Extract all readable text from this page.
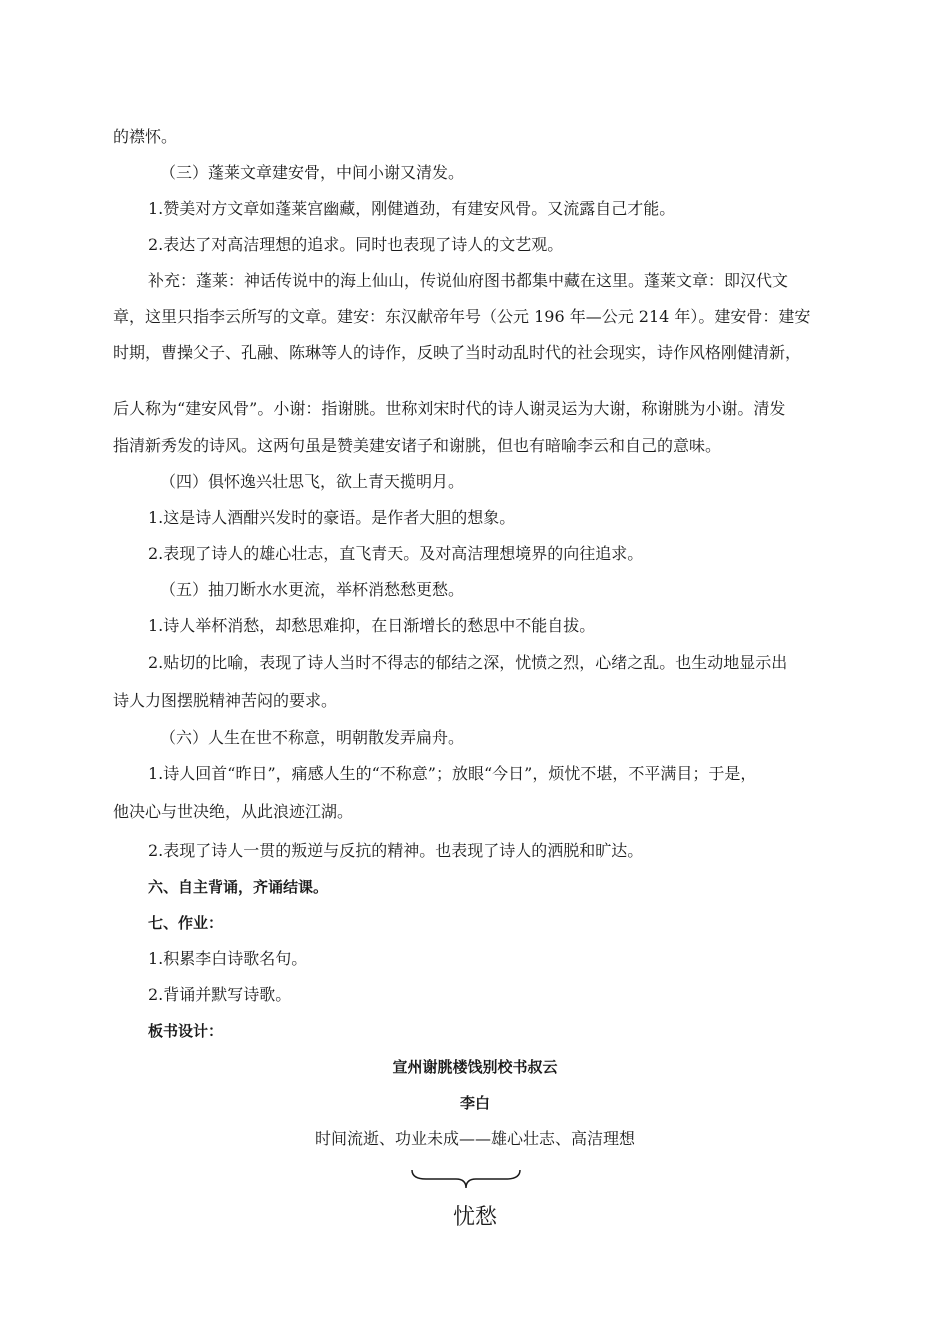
的襟怀。
（三）蓬莱文章建安骨，中间小谢又清发。
1.赞美对方文章如蓬莱宫幽藏，刚健遒劲，有建安风骨。又流露自己才能。
2.表达了对高洁理想的追求。同时也表现了诗人的文艺观。
补充：蓬莱：神话传说中的海上仙山，传说仙府图书都集中藏在这里。蓬莱文章：即汉代文
章，这里只指李云所写的文章。建安：东汉献帝年号（公元 196 年—公元 214 年）。建安骨：建安
时期，曹操父子、孔融、陈琳等人的诗作，反映了当时动乱时代的社会现实，诗作风格刚健清新，
后人称为“建安风骨”。小谢：指谢朓。世称刘宋时代的诗人谢灵运为大谢，称谢朓为小谢。清发
指清新秀发的诗风。这两句虽是赞美建安诸子和谢朓，但也有暗喻李云和自己的意味。
（四）俱怀逸兴壮思飞，欲上青天揽明月。
1.这是诗人酒酣兴发时的豪语。是作者大胆的想象。
2.表现了诗人的雄心壮志，直飞青天。及对高洁理想境界的向往追求。
（五）抽刀断水水更流，举杯消愁愁更愁。
1.诗人举杯消愁，却愁思难抑，在日渐增长的愁思中不能自拔。
2.贴切的比喻，表现了诗人当时不得志的郁结之深，忧愤之烈，心绪之乱。也生动地显示出
诗人力图摆脱精神苦闷的要求。
（六）人生在世不称意，明朝散发弄扁舟。
1.诗人回首“昨日”，痛感人生的“不称意”；放眼“今日”，烦忧不堪，不平满目；于是，
他决心与世决绝，从此浪迹江湖。
2.表现了诗人一贯的叛逆与反抗的精神。也表现了诗人的洒脱和旷达。
六、自主背诵，齐诵结课。
七、作业：
1.积累李白诗歌名句。
2.背诵并默写诗歌。
板书设计：
宣州谢朓楼饯别校书叔云
李白
时间流逝、功业未成——雄心壮志、高洁理想
忧愁
